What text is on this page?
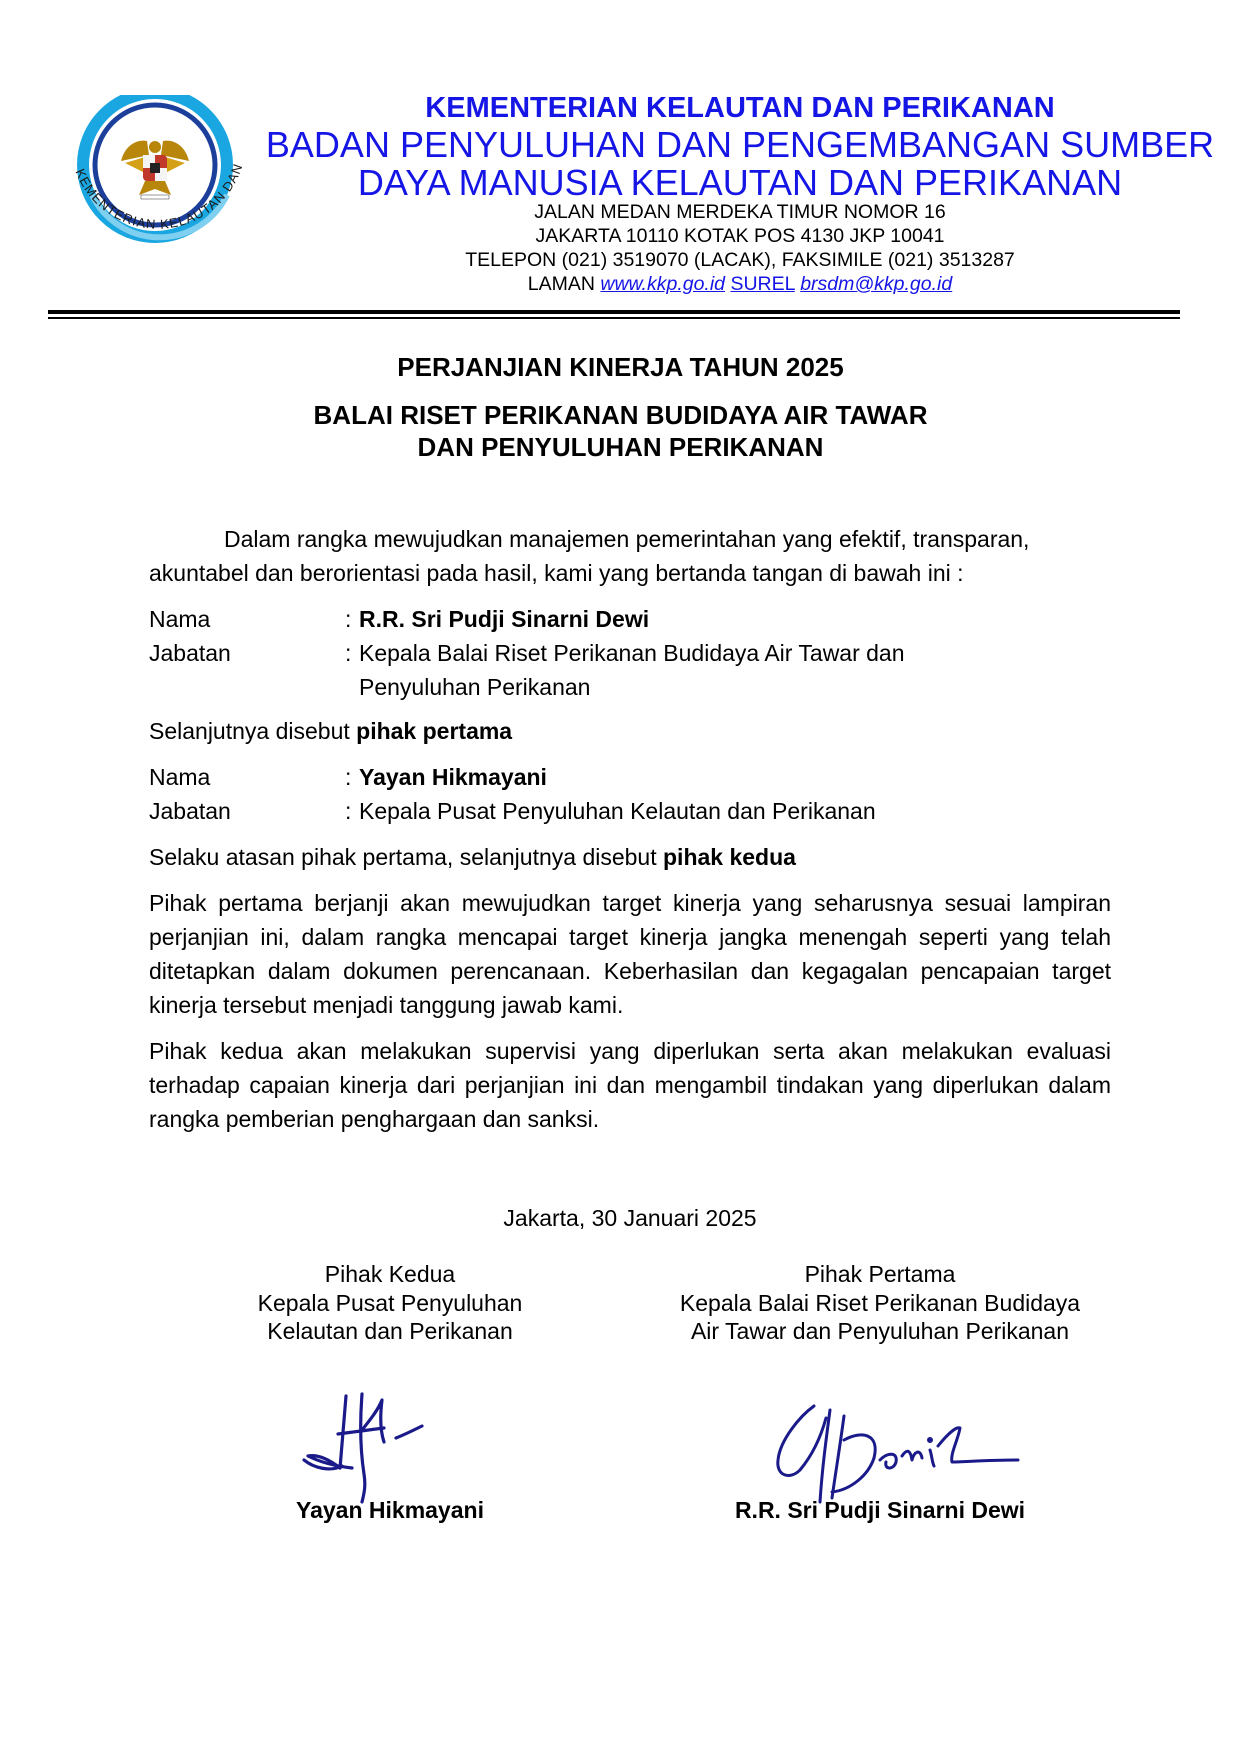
KEMENTERIAN KELAUTAN DAN
KEMENTERIAN KELAUTAN DAN PERIKANAN
BADAN PENYULUHAN DAN PENGEMBANGAN SUMBER
DAYA MANUSIA KELAUTAN DAN PERIKANAN
JALAN MEDAN MERDEKA TIMUR NOMOR 16
JAKARTA 10110 KOTAK POS 4130 JKP 10041
TELEPON (021) 3519070 (LACAK), FAKSIMILE (021) 3513287
LAMAN www.kkp.go.id SUREL brsdm@kkp.go.id
PERJANJIAN KINERJA TAHUN 2025
BALAI RISET PERIKANAN BUDIDAYA AIR TAWAR
DAN PENYULUHAN PERIKANAN
Dalam rangka mewujudkan manajemen pemerintahan yang efektif, transparan,
akuntabel dan berorientasi pada hasil, kami yang bertanda tangan di bawah ini :
Nama	: R.R. Sri Pudji Sinarni Dewi
Jabatan	: Kepala Balai Riset Perikanan Budidaya Air Tawar dan
Penyuluhan Perikanan
Selanjutnya disebut pihak pertama
Nama	: Yayan Hikmayani
Jabatan	: Kepala Pusat Penyuluhan Kelautan dan Perikanan
Selaku atasan pihak pertama, selanjutnya disebut pihak kedua
Pihak pertama berjanji akan mewujudkan target kinerja yang seharusnya sesuai lampiran perjanjian ini, dalam rangka mencapai target kinerja jangka menengah seperti yang telah ditetapkan dalam dokumen perencanaan. Keberhasilan dan kegagalan pencapaian target kinerja tersebut menjadi tanggung jawab kami.
Pihak kedua akan melakukan supervisi yang diperlukan serta akan melakukan evaluasi terhadap capaian kinerja dari perjanjian ini dan mengambil tindakan yang diperlukan dalam rangka pemberian penghargaan dan sanksi.
Jakarta, 30 Januari 2025
Pihak Kedua
Kepala Pusat Penyuluhan
Kelautan dan Perikanan
Pihak Pertama
Kepala Balai Riset Perikanan Budidaya
Air Tawar dan Penyuluhan Perikanan
Yayan Hikmayani	R.R. Sri Pudji Sinarni Dewi
